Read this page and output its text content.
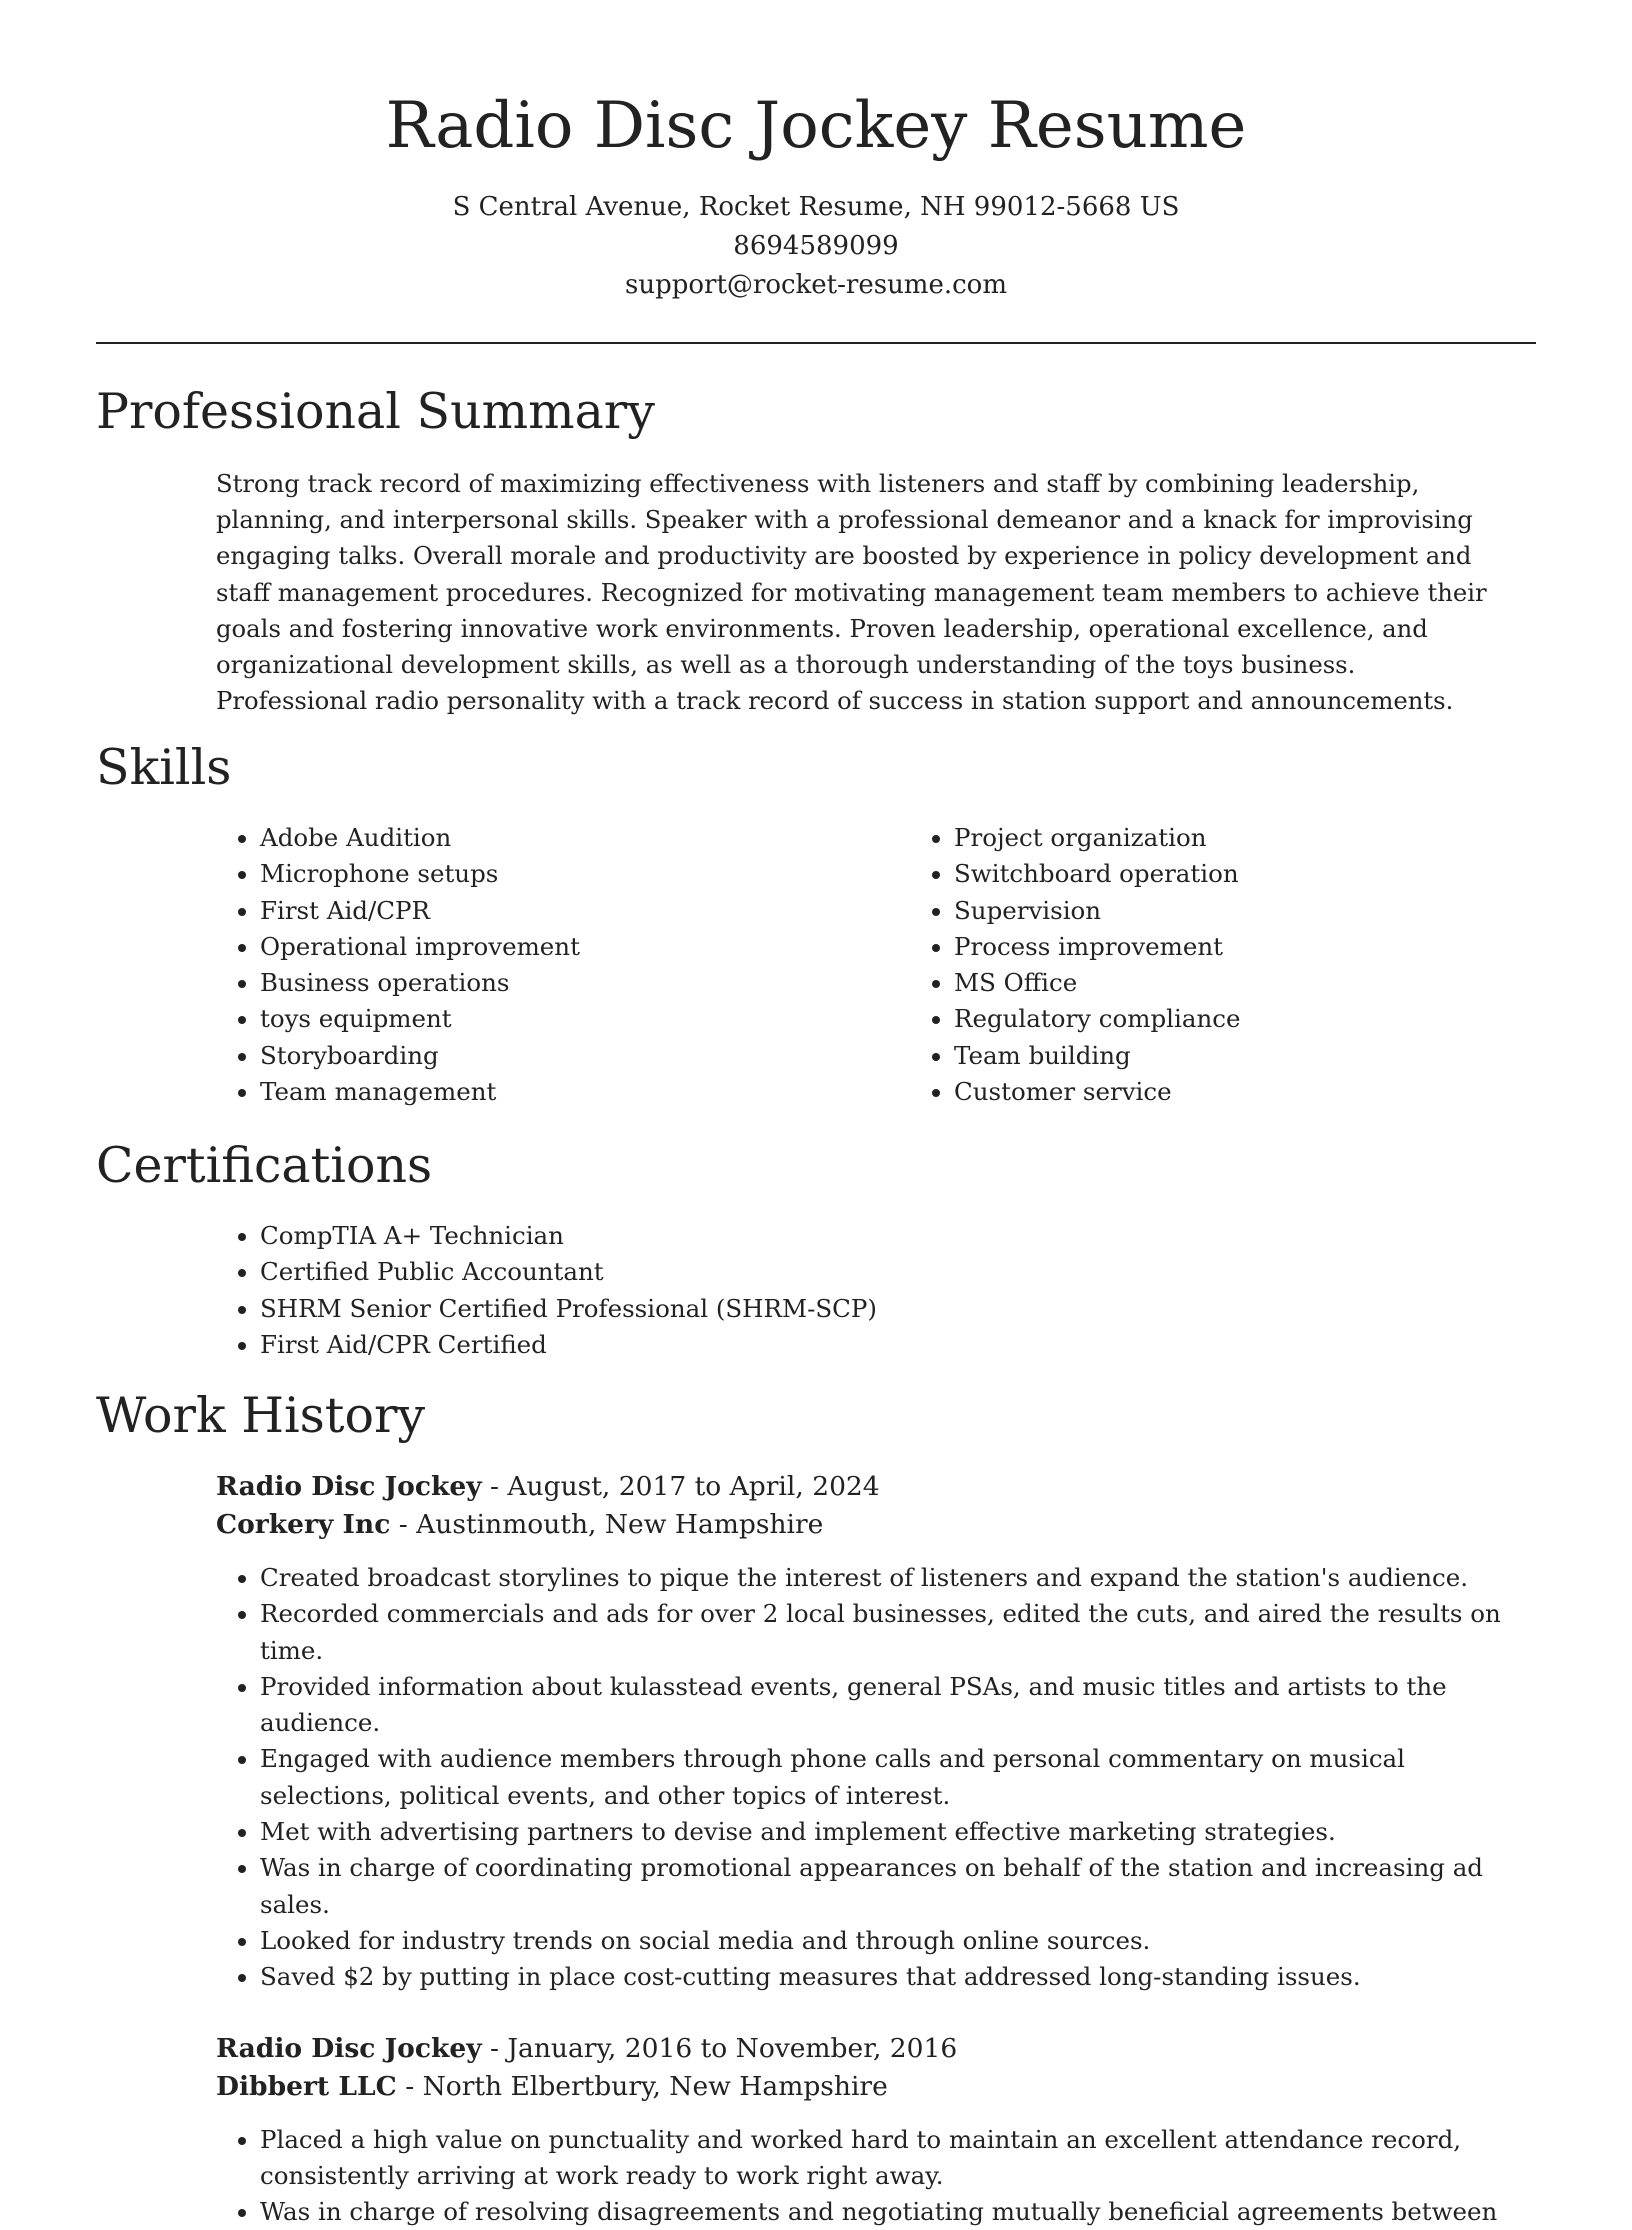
Radio Disc Jockey Resume
S Central Avenue, Rocket Resume, NH 99012-5668 US
8694589099
support@rocket-resume.com
Professional Summary

Strong track record of maximizing effectiveness with listeners and staff by combining leadership, planning, and interpersonal skills. Speaker with a professional demeanor and a knack for improvising engaging talks. Overall morale and productivity are boosted by experience in policy development and staff management procedures. Recognized for motivating management team members to achieve their goals and fostering innovative work environments. Proven leadership, operational excellence, and organizational development skills, as well as a thorough understanding of the toys business. Professional radio personality with a track record of success in station support and announcements.

Skills
• Adobe Audition
• Microphone setups
• First Aid/CPR
• Operational improvement
• Business operations
• toys equipment
• Storyboarding
• Team management
• Project organization
• Switchboard operation
• Supervision
• Process improvement
• MS Office
• Regulatory compliance
• Team building
• Customer service
Certifications
• CompTIA A+ Technician
• Certified Public Accountant
• SHRM Senior Certified Professional (SHRM-SCP)
• First Aid/CPR Certified
Work History
Radio Disc Jockey - August, 2017 to April, 2024
Corkery Inc - Austinmouth, New Hampshire
• Created broadcast storylines to pique the interest of listeners and expand the station's audience.
• Recorded commercials and ads for over 2 local businesses, edited the cuts, and aired the results on time.
• Provided information about kulasstead events, general PSAs, and music titles and artists to the audience.
• Engaged with audience members through phone calls and personal commentary on musical selections, political events, and other topics of interest.
• Met with advertising partners to devise and implement effective marketing strategies.
• Was in charge of coordinating promotional appearances on behalf of the station and increasing ad sales.
• Looked for industry trends on social media and through online sources.
• Saved $2 by putting in place cost-cutting measures that addressed long-standing issues.
Radio Disc Jockey - January, 2016 to November, 2016
Dibbert LLC - North Elbertbury, New Hampshire
• Placed a high value on punctuality and worked hard to maintain an excellent attendance record, consistently arriving at work ready to work right away.
• Was in charge of resolving disagreements and negotiating mutually beneficial agreements between
